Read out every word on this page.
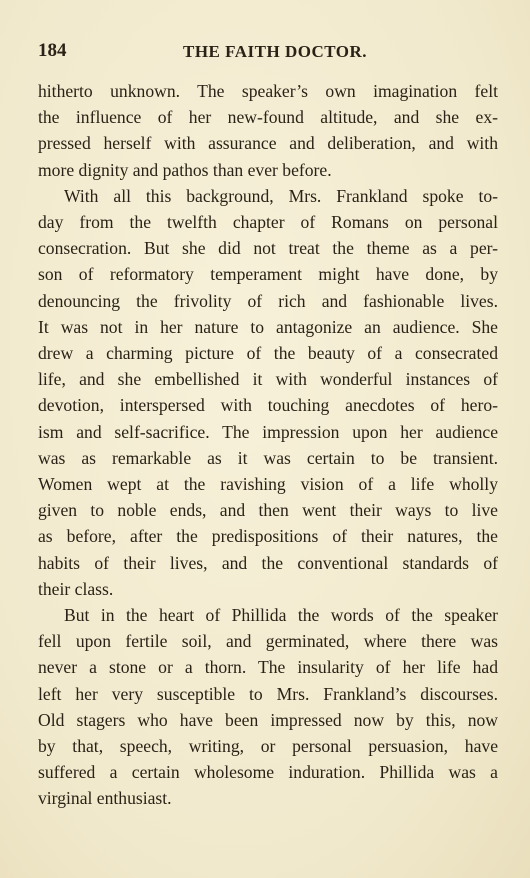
184	THE FAITH DOCTOR.
hitherto unknown. The speaker’s own imagination felt
the influence of her new-found altitude, and she ex-
pressed herself with assurance and deliberation, and with
more dignity and pathos than ever before.
With all this background, Mrs. Frankland spoke to-
day from the twelfth chapter of Romans on personal
consecration. But she did not treat the theme as a per-
son of reformatory temperament might have done, by
denouncing the frivolity of rich and fashionable lives.
It was not in her nature to antagonize an audience. She
drew a charming picture of the beauty of a consecrated
life, and she embellished it with wonderful instances of
devotion, interspersed with touching anecdotes of hero-
ism and self-sacrifice. The impression upon her audience
was as remarkable as it was certain to be transient.
Women wept at the ravishing vision of a life wholly
given to noble ends, and then went their ways to live
as before, after the predispositions of their natures, the
habits of their lives, and the conventional standards of
their class.
But in the heart of Phillida the words of the speaker
fell upon fertile soil, and germinated, where there was
never a stone or a thorn. The insularity of her life had
left her very susceptible to Mrs. Frankland’s discourses.
Old stagers who have been impressed now by this, now
by that, speech, writing, or personal persuasion, have
suffered a certain wholesome induration. Phillida was a
virginal enthusiast.
